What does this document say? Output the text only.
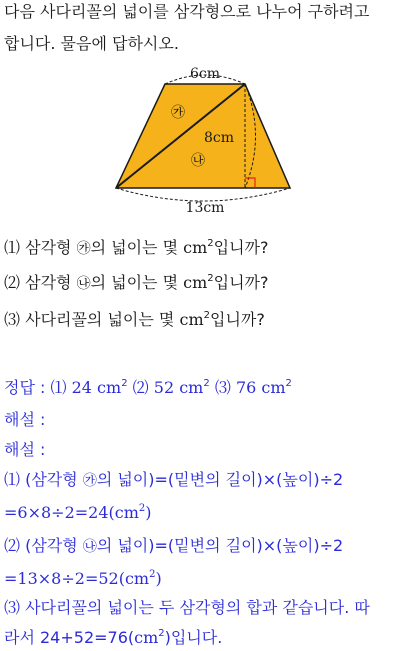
다음 사다리꼴의 넓이를 삼각형으로 나누어 구하려고
합니다. 물음에 답하시오.
6cm
8cm
13cm
㉮
㉯
⑴ 삼각형 ㉮의 넓이는 몇 $cm^2$입니까?
⑵ 삼각형 ㉯의 넓이는 몇 $cm^2$입니까?
⑶ 사다리꼴의 넓이는 몇 $cm^2$입니까?
정답 : ⑴ 24 $cm^2$ ⑵ 52 $cm^2$ ⑶ 76 $cm^2$
해설 :
해설 :
⑴ (삼각형 ㉮의 넓이)=(밑변의 길이)×(높이)÷2
$=6\times 8\div 2=24(cm^2)$
⑵ (삼각형 ㉯의 넓이)=(밑변의 길이)×(높이)÷2
$=13\times 8\div 2=52(cm^2)$
⑶ 사다리꼴의 넓이는 두 삼각형의 합과 같습니다. 따
라서 $24+52=76(cm^2)$입니다.
